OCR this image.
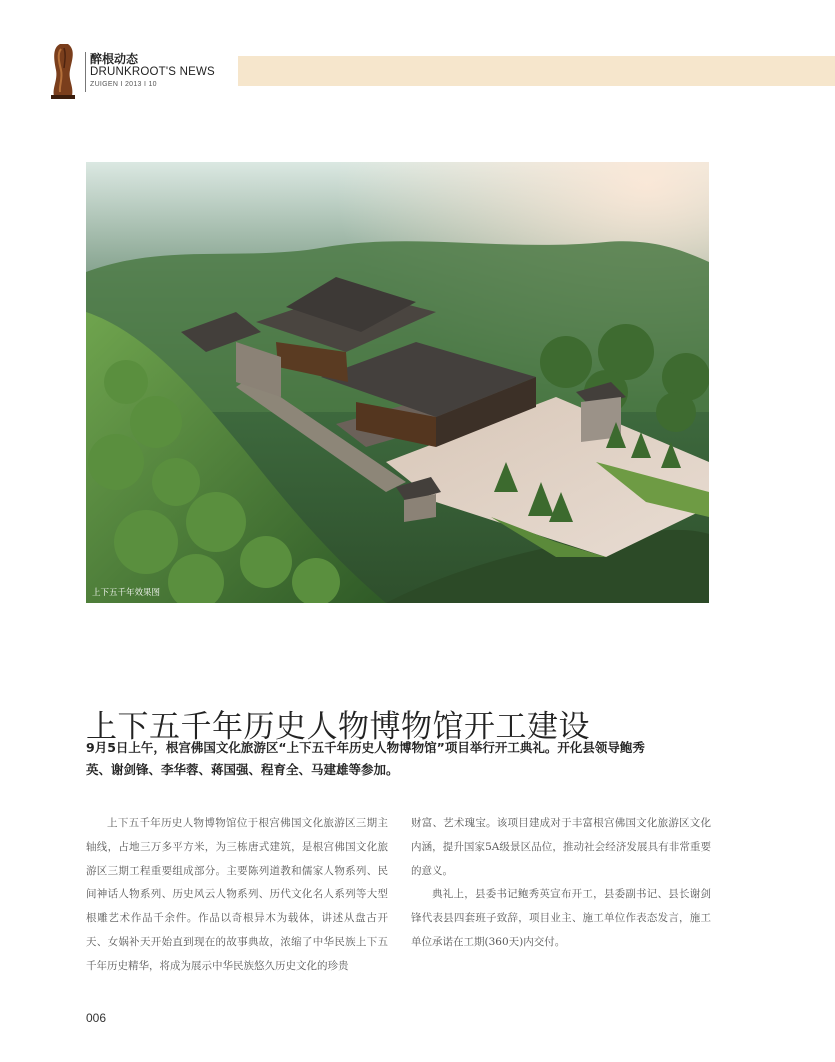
醉根动态
DRUNKROOT'S NEWS
ZUIGEN I 2013 I 10
上下五千年效果图
上下五千年历史人物博物馆开工建设
9月5日上午，根宫佛国文化旅游区“上下五千年历史人物博物馆”项目举行开工典礼。开化县领导鲍秀英、谢剑锋、李华蓉、蒋国强、程育全、马建雄等参加。

上下五千年历史人物博物馆位于根宫佛国文化旅游区三期主轴线，占地三万多平方米，为三栋唐式建筑，是根宫佛国文化旅游区三期工程重要组成部分。主要陈列道教和儒家人物系列、民间神话人物系列、历史风云人物系列、历代文化名人系列等大型根雕艺术作品千余件。作品以奇根异木为载体，讲述从盘古开天、女娲补天开始直到现在的故事典故，浓缩了中华民族上下五千年历史精华，将成为展示中华民族悠久历史文化的珍贵

财富、艺术瑰宝。该项目建成对于丰富根宫佛国文化旅游区文化内涵，提升国家5A级景区品位，推动社会经济发展具有非常重要的意义。

典礼上，县委书记鲍秀英宣布开工，县委副书记、县长谢剑锋代表县四套班子致辞，项目业主、施工单位作表态发言，施工单位承诺在工期(360天)内交付。

006
